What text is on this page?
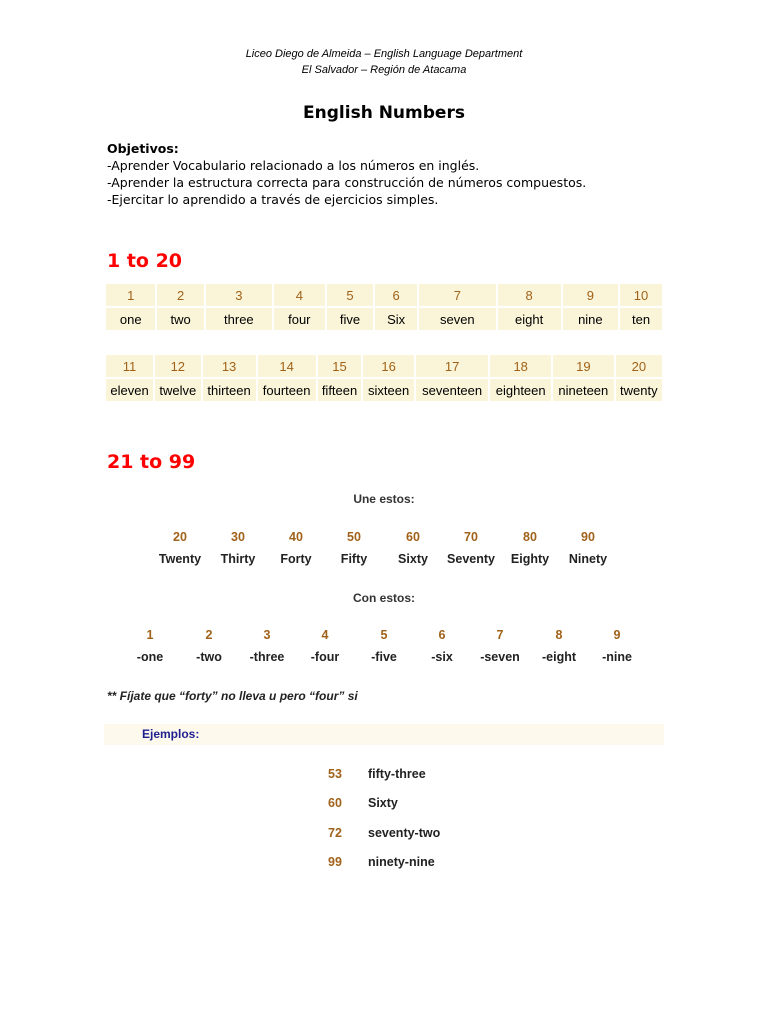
Liceo Diego de Almeida – English Language Department
El Salvador – Región de Atacama
English Numbers
Objetivos:
-Aprender Vocabulario relacionado a los números en inglés.
-Aprender la estructura correcta para construcción de números compuestos.
-Ejercitar lo aprendido a través de ejercicios simples.
1 to 20
1	2	3	4	5	6	7	8	9	10
one	two	three	four	five	Six	seven	eight	nine	ten
11	12	13	14	15	16	17	18	19	20
eleven	twelve	thirteen	fourteen	fifteen	sixteen	seventeen	eighteen	nineteen	twenty
21 to 99
Une estos:
20	30	40	50	60	70	80	90
Twenty Thirty Forty Fifty Sixty Seventy Eighty Ninety
Con estos:
1	2	3	4	5	6	7	8	9
-one	-two -three -four	-five	-six -seven -eight -nine
** Fíjate que “forty” no lleva u pero “four” si
Ejemplos:
53 fifty-three
60 Sixty
72 seventy-two
99 ninety-nine
